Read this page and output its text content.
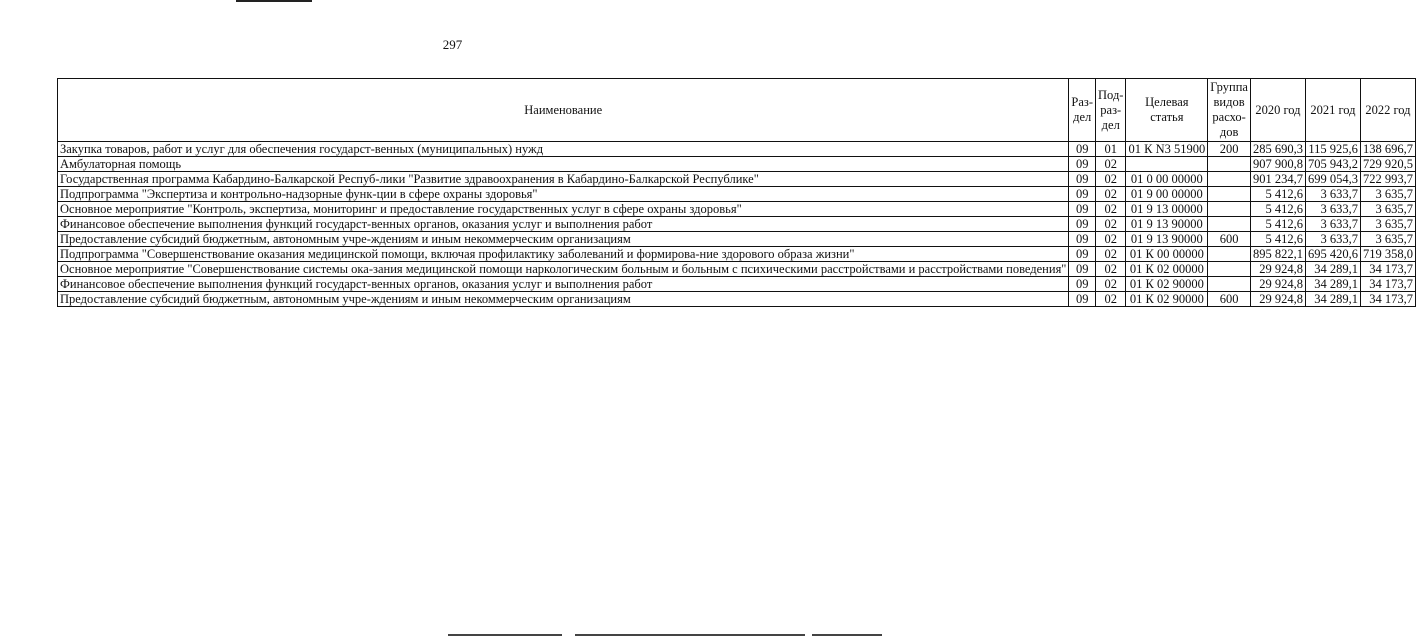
297
Наименование	Раз-дел	Под-раз-дел	Целевая статья	Группа видов расхо-дов	2020 год	2021 год	2022 год
Закупка товаров, работ и услуг для обеспечения государст-венных (муниципальных) нужд	09	01	01 К N3 51900	200	285 690,3	115 925,6	138 696,7
Амбулаторная помощь	09	02			907 900,8	705 943,2	729 920,5
Государственная программа Кабардино-Балкарской Респуб-лики "Развитие здравоохранения в Кабардино-Балкарской Республике"	09	02	01 0 00 00000		901 234,7	699 054,3	722 993,7
Подпрограмма "Экспертиза и контрольно-надзорные функ-ции в сфере охраны здоровья"	09	02	01 9 00 00000		5 412,6	3 633,7	3 635,7
Основное мероприятие "Контроль, экспертиза, мониторинг и предоставление государственных услуг в сфере охраны здоровья"	09	02	01 9 13 00000		5 412,6	3 633,7	3 635,7
Финансовое обеспечение выполнения функций государст-венных органов, оказания услуг и выполнения работ	09	02	01 9 13 90000		5 412,6	3 633,7	3 635,7
Предоставление субсидий бюджетным, автономным учре-ждениям и иным некоммерческим организациям	09	02	01 9 13 90000	600	5 412,6	3 633,7	3 635,7
Подпрограмма "Совершенствование оказания медицинской помощи, включая профилактику заболеваний и формирова-ние здорового образа жизни"	09	02	01 К 00 00000		895 822,1	695 420,6	719 358,0
Основное мероприятие "Совершенствование системы ока-зания медицинской помощи наркологическим больным и больным с психическими расстройствами и расстройствами поведения"	09	02	01 К 02 00000		29 924,8	34 289,1	34 173,7
Финансовое обеспечение выполнения функций государст-венных органов, оказания услуг и выполнения работ	09	02	01 К 02 90000		29 924,8	34 289,1	34 173,7
Предоставление субсидий бюджетным, автономным учре-ждениям и иным некоммерческим организациям	09	02	01 К 02 90000	600	29 924,8	34 289,1	34 173,7
